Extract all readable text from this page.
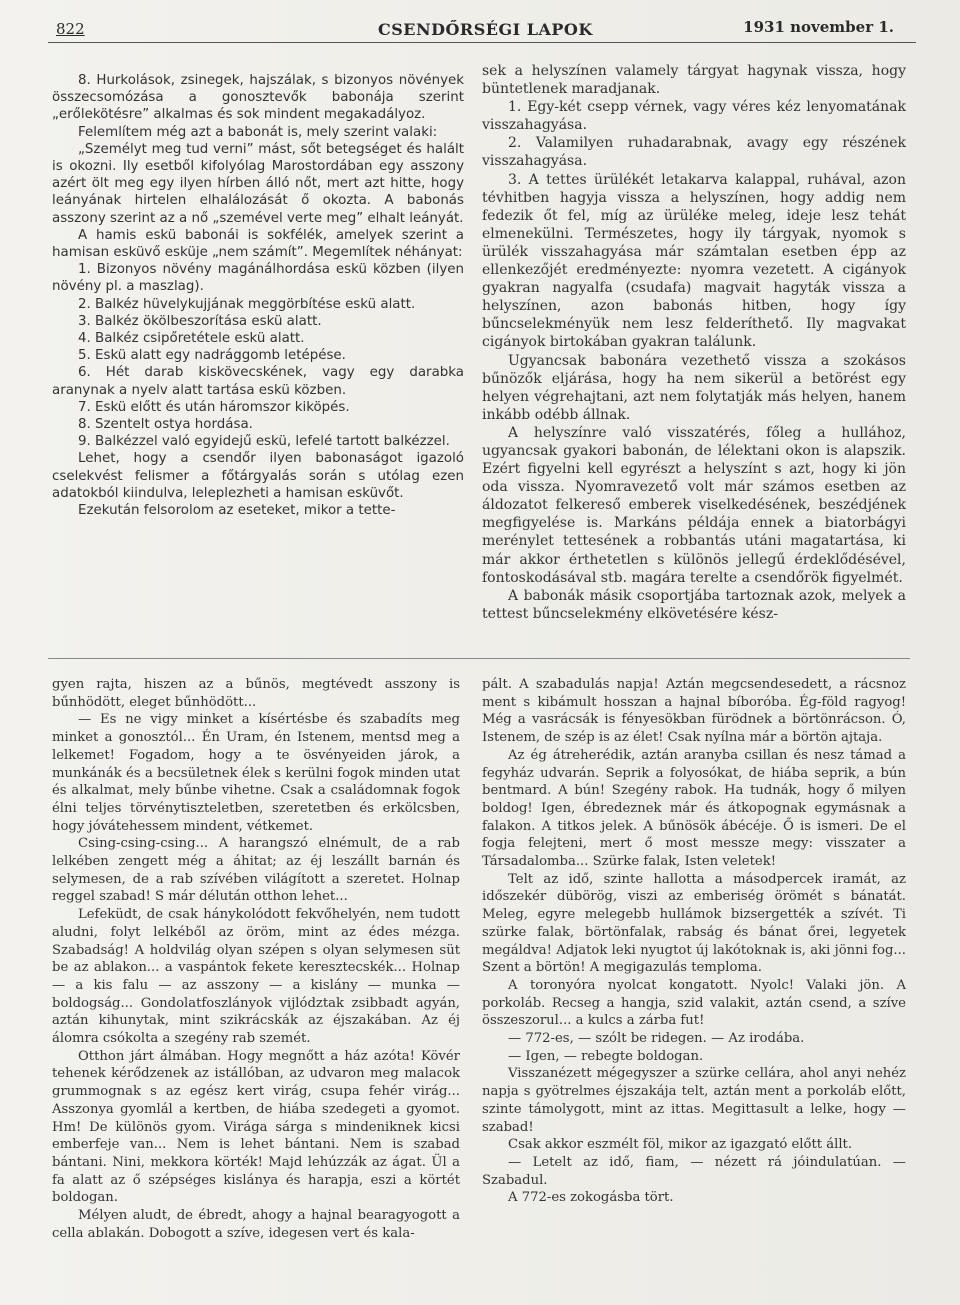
822	CSENDŐRSÉGI LAPOK	1931 november 1.

8. Hurkolások, zsinegek, hajszálak, s bizonyos növények összecsomózása a gonosztevők babonája szerint „erőlekötésre” alkalmas és sok mindent megakadályoz.

Felemlítem még azt a babonát is, mely szerint valaki:

„Személyt meg tud verni” mást, sőt betegséget és halált is okozni. Ily esetből kifolyólag Marostordában egy asszony azért ölt meg egy ilyen hírben álló nőt, mert azt hitte, hogy leányának hirtelen elhalálozását ő okozta. A babonás asszony szerint az a nő „szemével verte meg” elhalt leányát.

A hamis eskü babonái is sokfélék, amelyek szerint a hamisan esküvő esküje „nem számít”. Megemlítek néhányat:

1. Bizonyos növény magánálhordása eskü közben (ilyen növény pl. a maszlag).

2. Balkéz hüvelykujjának meggörbítése eskü alatt.

3. Balkéz ökölbeszorítása eskü alatt.

4. Balkéz csipőretétele eskü alatt.

5. Eskü alatt egy nadrággomb letépése.

6. Hét darab kiskövecskének, vagy egy darabka aranynak a nyelv alatt tartása eskü közben.

7. Eskü előtt és után háromszor kiköpés.

8. Szentelt ostya hordása.

9. Balkézzel való egyidejű eskü, lefelé tartott balkézzel.

Lehet, hogy a csendőr ilyen babonaságot igazoló cselekvést felismer a főtárgyalás során s utólag ezen adatokból kiindulva, leleplezheti a hamisan esküvőt.

Ezekután felsorolom az eseteket, mikor a tette-

sek a helyszínen valamely tárgyat hagynak vissza, hogy büntetlenek maradjanak.

1. Egy-két csepp vérnek, vagy véres kéz lenyomatának visszahagyása.

2. Valamilyen ruhadarabnak, avagy egy részének visszahagyása.

3. A tettes ürülékét letakarva kalappal, ruhával, azon tévhitben hagyja vissza a helyszínen, hogy addig nem fedezik őt fel, míg az ürüléke meleg, ideje lesz tehát elmenekülni. Természetes, hogy ily tárgyak, nyomok s ürülék visszahagyása már számtalan esetben épp az ellenkezőjét eredményezte: nyomra vezetett. A cigányok gyakran nagyalfa (csudafa) magvait hagyták vissza a helyszínen, azon babonás hitben, hogy így bűncselekményük nem lesz felderíthető. Ily magvakat cigányok birtokában gyakran találunk.

Ugyancsak babonára vezethető vissza a szokásos bűnözők eljárása, hogy ha nem sikerül a betörést egy helyen végrehajtani, azt nem folytatják más helyen, hanem inkább odébb állnak.

A helyszínre való visszatérés, főleg a hullához, ugyancsak gyakori babonán, de lélektani okon is alapszik. Ezért figyelni kell egyrészt a helyszínt s azt, hogy ki jön oda vissza. Nyomravezető volt már számos esetben az áldozatot felkereső emberek viselkedésének, beszédjének megfigyelése is. Markáns példája ennek a biatorbágyi merénylet tettesének a robbantás utáni magatartása, ki már akkor érthetetlen s különös jellegű érdeklődésével, fontoskodásával stb. magára terelte a csendőrök figyelmét.

A babonák másik csoportjába tartoznak azok, melyek a tettest bűncselekmény elkövetésére kész-

gyen rajta, hiszen az a bűnös, megtévedt asszony is bűnhödött, eleget bűnhödött...

— Es ne vigy minket a kísértésbe és szabadíts meg minket a gonosztól... Én Uram, én Istenem, mentsd meg a lelkemet! Fogadom, hogy a te ösvényeiden járok, a munkánák és a becsületnek élek s kerülni fogok minden utat és alkalmat, mely bűnbe vihetne. Csak a családomnak fogok élni teljes törvénytiszteletben, szeretetben és erkölcsben, hogy jóvátehessem mindent, vétkemet.

Csing-csing-csing... A harangszó elnémult, de a rab lelkében zengett még a áhitat; az éj leszállt barnán és selymesen, de a rab szívében világított a szeretet. Holnap reggel szabad! S már délután otthon lehet...

Lefeküdt, de csak hánykolódott fekvőhelyén, nem tudott aludni, folyt lelkéből az öröm, mint az édes mézga. Szabadság! A holdvilág olyan szépen s olyan selymesen süt be az ablakon... a vaspántok fekete keresztecskék... Holnap — a kis falu — az asszony — a kislány — munka — boldogság... Gondolatfoszlányok vijlództak zsibbadt agyán, aztán kihunytak, mint szikrácskák az éjszakában. Az éj álomra csókolta a szegény rab szemét.

Otthon járt álmában. Hogy megnőtt a ház azóta! Kövér tehenek kérődzenek az istállóban, az udvaron meg malacok grummognak s az egész kert virág, csupa fehér virág... Asszonya gyomlál a kertben, de hiába szedegeti a gyomot. Hm! De különös gyom. Virága sárga s mindeniknek kicsi emberfeje van... Nem is lehet bántani. Nem is szabad bántani. Nini, mekkora körték! Majd lehúzzák az ágat. Ül a fa alatt az ő szépséges kislánya és harapja, eszi a körtét boldogan.

Mélyen aludt, de ébredt, ahogy a hajnal bearagyogott a cella ablakán. Dobogott a szíve, idegesen vert és kala-

pált. A szabadulás napja! Aztán megcsendesedett, a rácsnoz ment s kibámult hosszan a hajnal bíboróba. Ég-föld ragyog! Még a vasrácsák is fényesökban fürödnek a börtönrácson. Ó, Istenem, de szép is az élet! Csak nyílna már a börtön ajtaja.

Az ég átreherédik, aztán aranyba csillan és nesz támad a fegyház udvarán. Seprik a folyosókat, de hiába seprik, a bún bentmard. A bún! Szegény rabok. Ha tudnák, hogy ő milyen boldog! Igen, ébredeznek már és átkopognak egymásnak a falakon. A titkos jelek. A bűnösök ábécéje. Ő is ismeri. De el fogja felejteni, mert ő most messze megy: visszater a Társadalomba... Szürke falak, Isten veletek!

Telt az idő, szinte hallotta a másodpercek iramát, az időszekér dübörög, viszi az emberiség örömét s bánatát. Meleg, egyre melegebb hullámok bizsergették a szívét. Ti szürke falak, börtönfalak, rabság és bánat őrei, legyetek megáldva! Adjatok leki nyugtot új lakótoknak is, aki jönni fog... Szent a börtön! A megigazulás temploma.

A toronyóra nyolcat kongatott. Nyolc! Valaki jön. A porkoláb. Recseg a hangja, szid valakit, aztán csend, a szíve összeszorul... a kulcs a zárba fut!

— 772-es, — szólt be ridegen. — Az irodába.

— Igen, — rebegte boldogan.

Visszanézett mégegyszer a szürke cellára, ahol anyi nehéz napja s gyötrelmes éjszakája telt, aztán ment a porkoláb előtt, szinte támolygott, mint az ittas. Megittasult a lelke, hogy — szabad!

Csak akkor eszmélt föl, mikor az igazgató előtt állt.

— Letelt az idő, fiam, — nézett rá jóindulatúan. — Szabadul.

A 772-es zokogásba tört.
